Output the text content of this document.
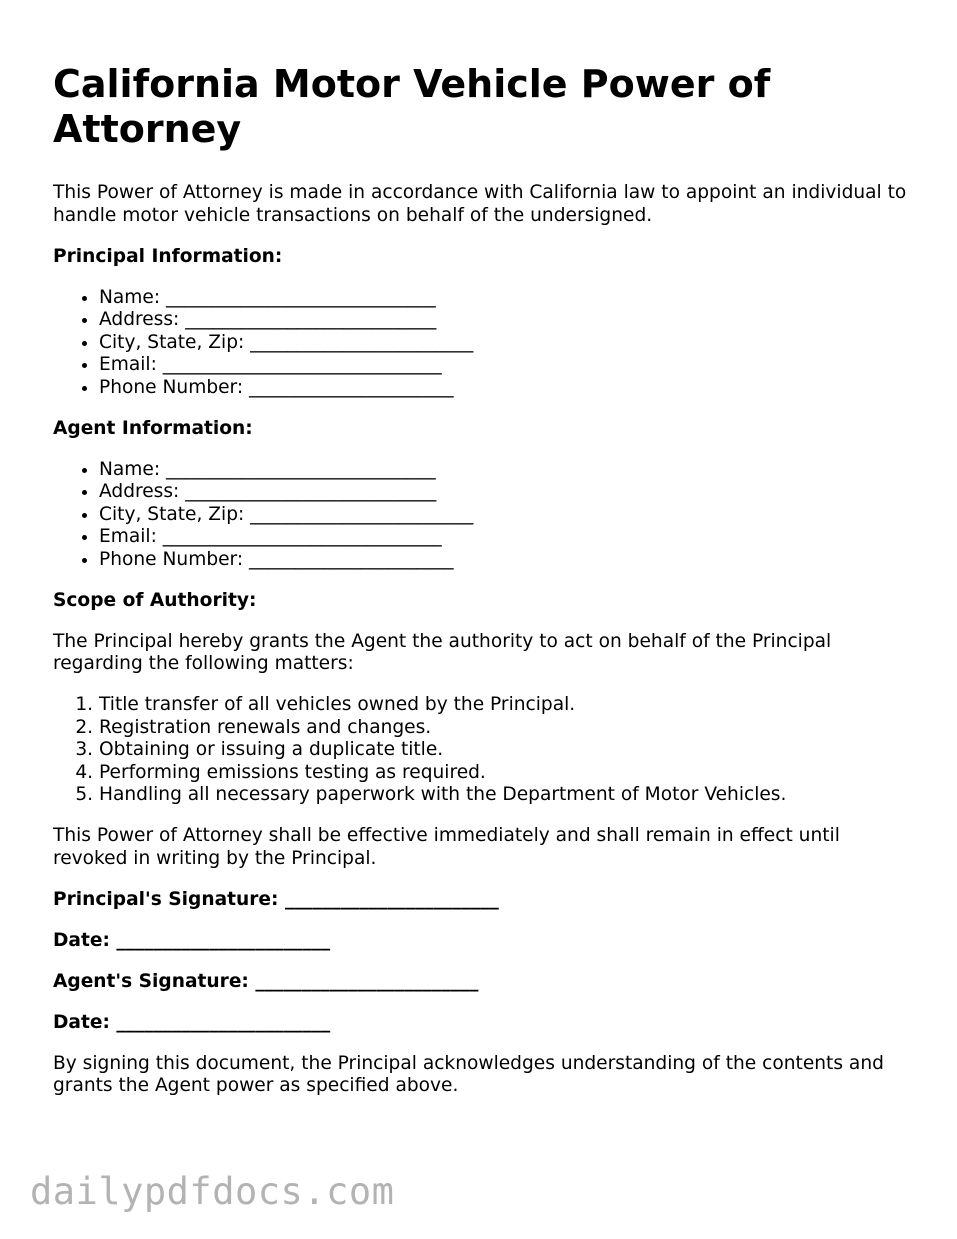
California Motor Vehicle Power of Attorney

This Power of Attorney is made in accordance with California law to appoint an individual to handle motor vehicle transactions on behalf of the undersigned.

Principal Information:

• Name: _____________________________
• Address: ___________________________
• City, State, Zip: ________________________
• Email: ______________________________
• Phone Number: ______________________

Agent Information:

• Name: _____________________________
• Address: ___________________________
• City, State, Zip: ________________________
• Email: ______________________________
• Phone Number: ______________________

Scope of Authority:

The Principal hereby grants the Agent the authority to act on behalf of the Principal regarding the following matters:

1. Title transfer of all vehicles owned by the Principal.
2. Registration renewals and changes.
3. Obtaining or issuing a duplicate title.
4. Performing emissions testing as required.
5. Handling all necessary paperwork with the Department of Motor Vehicles.

This Power of Attorney shall be effective immediately and shall remain in effect until revoked in writing by the Principal.

Principal's Signature: _______________________

Date: _______________________

Agent's Signature: ________________________

Date: _______________________

By signing this document, the Principal acknowledges understanding of the contents and grants the Agent power as specified above.

dailypdfdocs.com
